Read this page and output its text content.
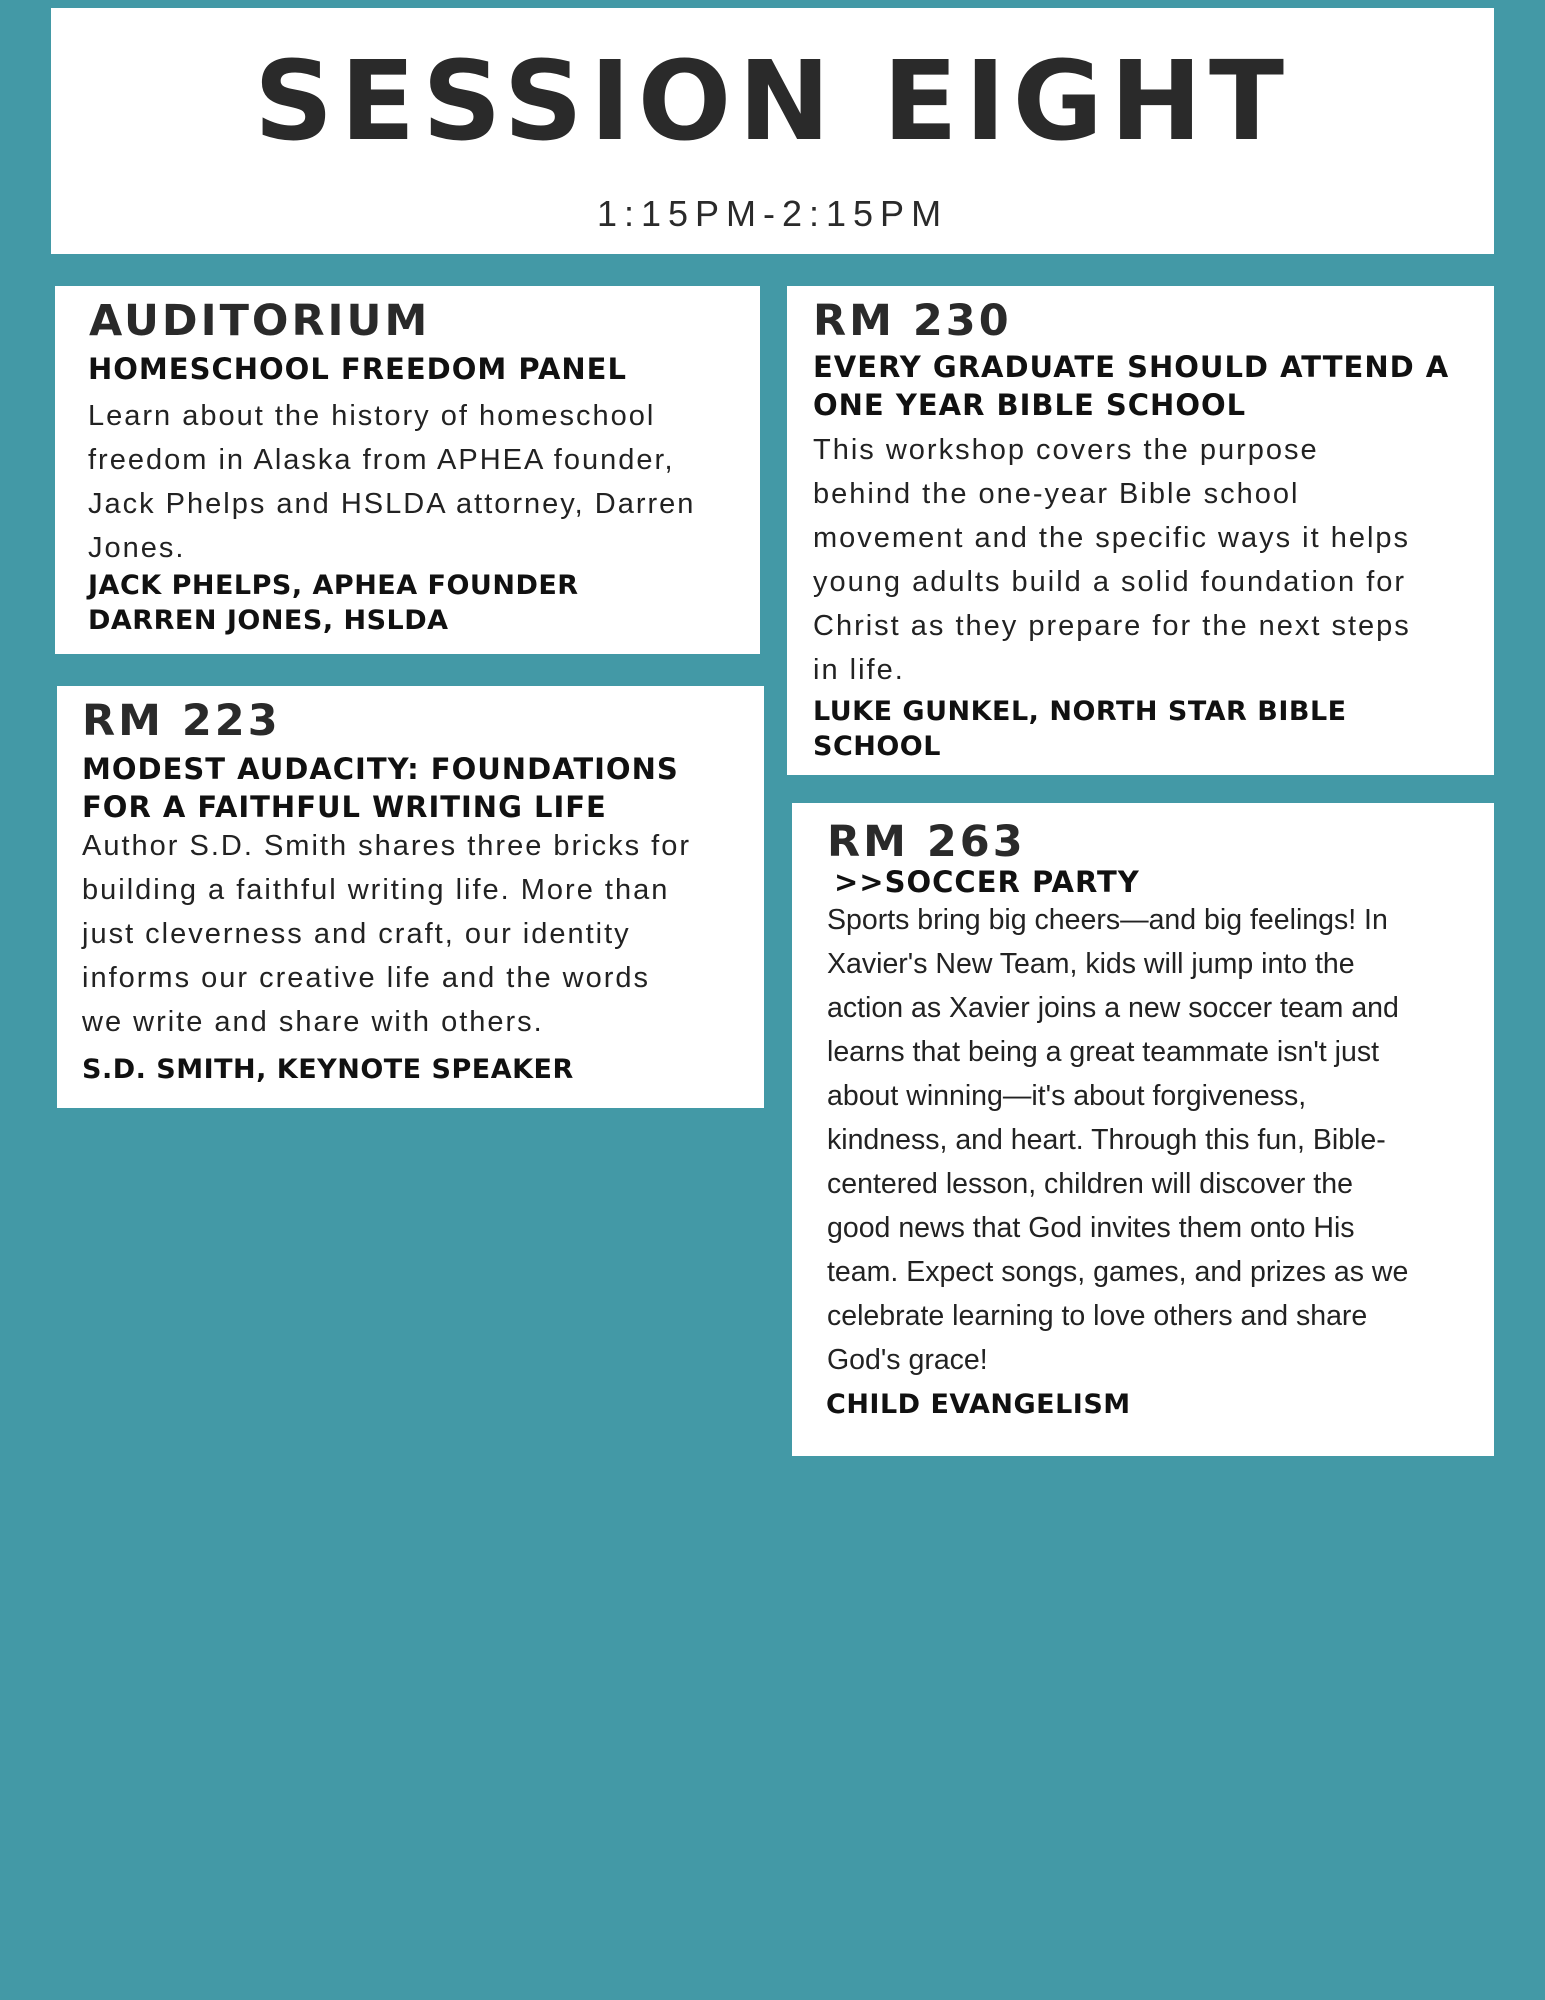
SESSION EIGHT
1:15PM-2:15PM
AUDITORIUM
HOMESCHOOL FREEDOM PANEL

Learn about the history of homeschool
freedom in Alaska from APHEA founder,
Jack Phelps and HSLDA attorney, Darren
Jones.

JACK PHELPS, APHEA FOUNDER
DARREN JONES, HSLDA
RM 223
MODEST AUDACITY: FOUNDATIONS
FOR A FAITHFUL WRITING LIFE

Author S.D. Smith shares three bricks for
building a faithful writing life. More than
just cleverness and craft, our identity
informs our creative life and the words
we write and share with others.

S.D. SMITH, KEYNOTE SPEAKER
RM 230
EVERY GRADUATE SHOULD ATTEND A
ONE YEAR BIBLE SCHOOL

This workshop covers the purpose
behind the one-year Bible school
movement and the specific ways it helps
young adults build a solid foundation for
Christ as they prepare for the next steps
in life.

LUKE GUNKEL, NORTH STAR BIBLE
SCHOOL
RM 263
>>SOCCER PARTY

Sports bring big cheers—and big feelings! In
Xavier's New Team, kids will jump into the
action as Xavier joins a new soccer team and
learns that being a great teammate isn't just
about winning—it's about forgiveness,
kindness, and heart. Through this fun, Bible-
centered lesson, children will discover the
good news that God invites them onto His
team. Expect songs, games, and prizes as we
celebrate learning to love others and share
God's grace!

CHILD EVANGELISM
